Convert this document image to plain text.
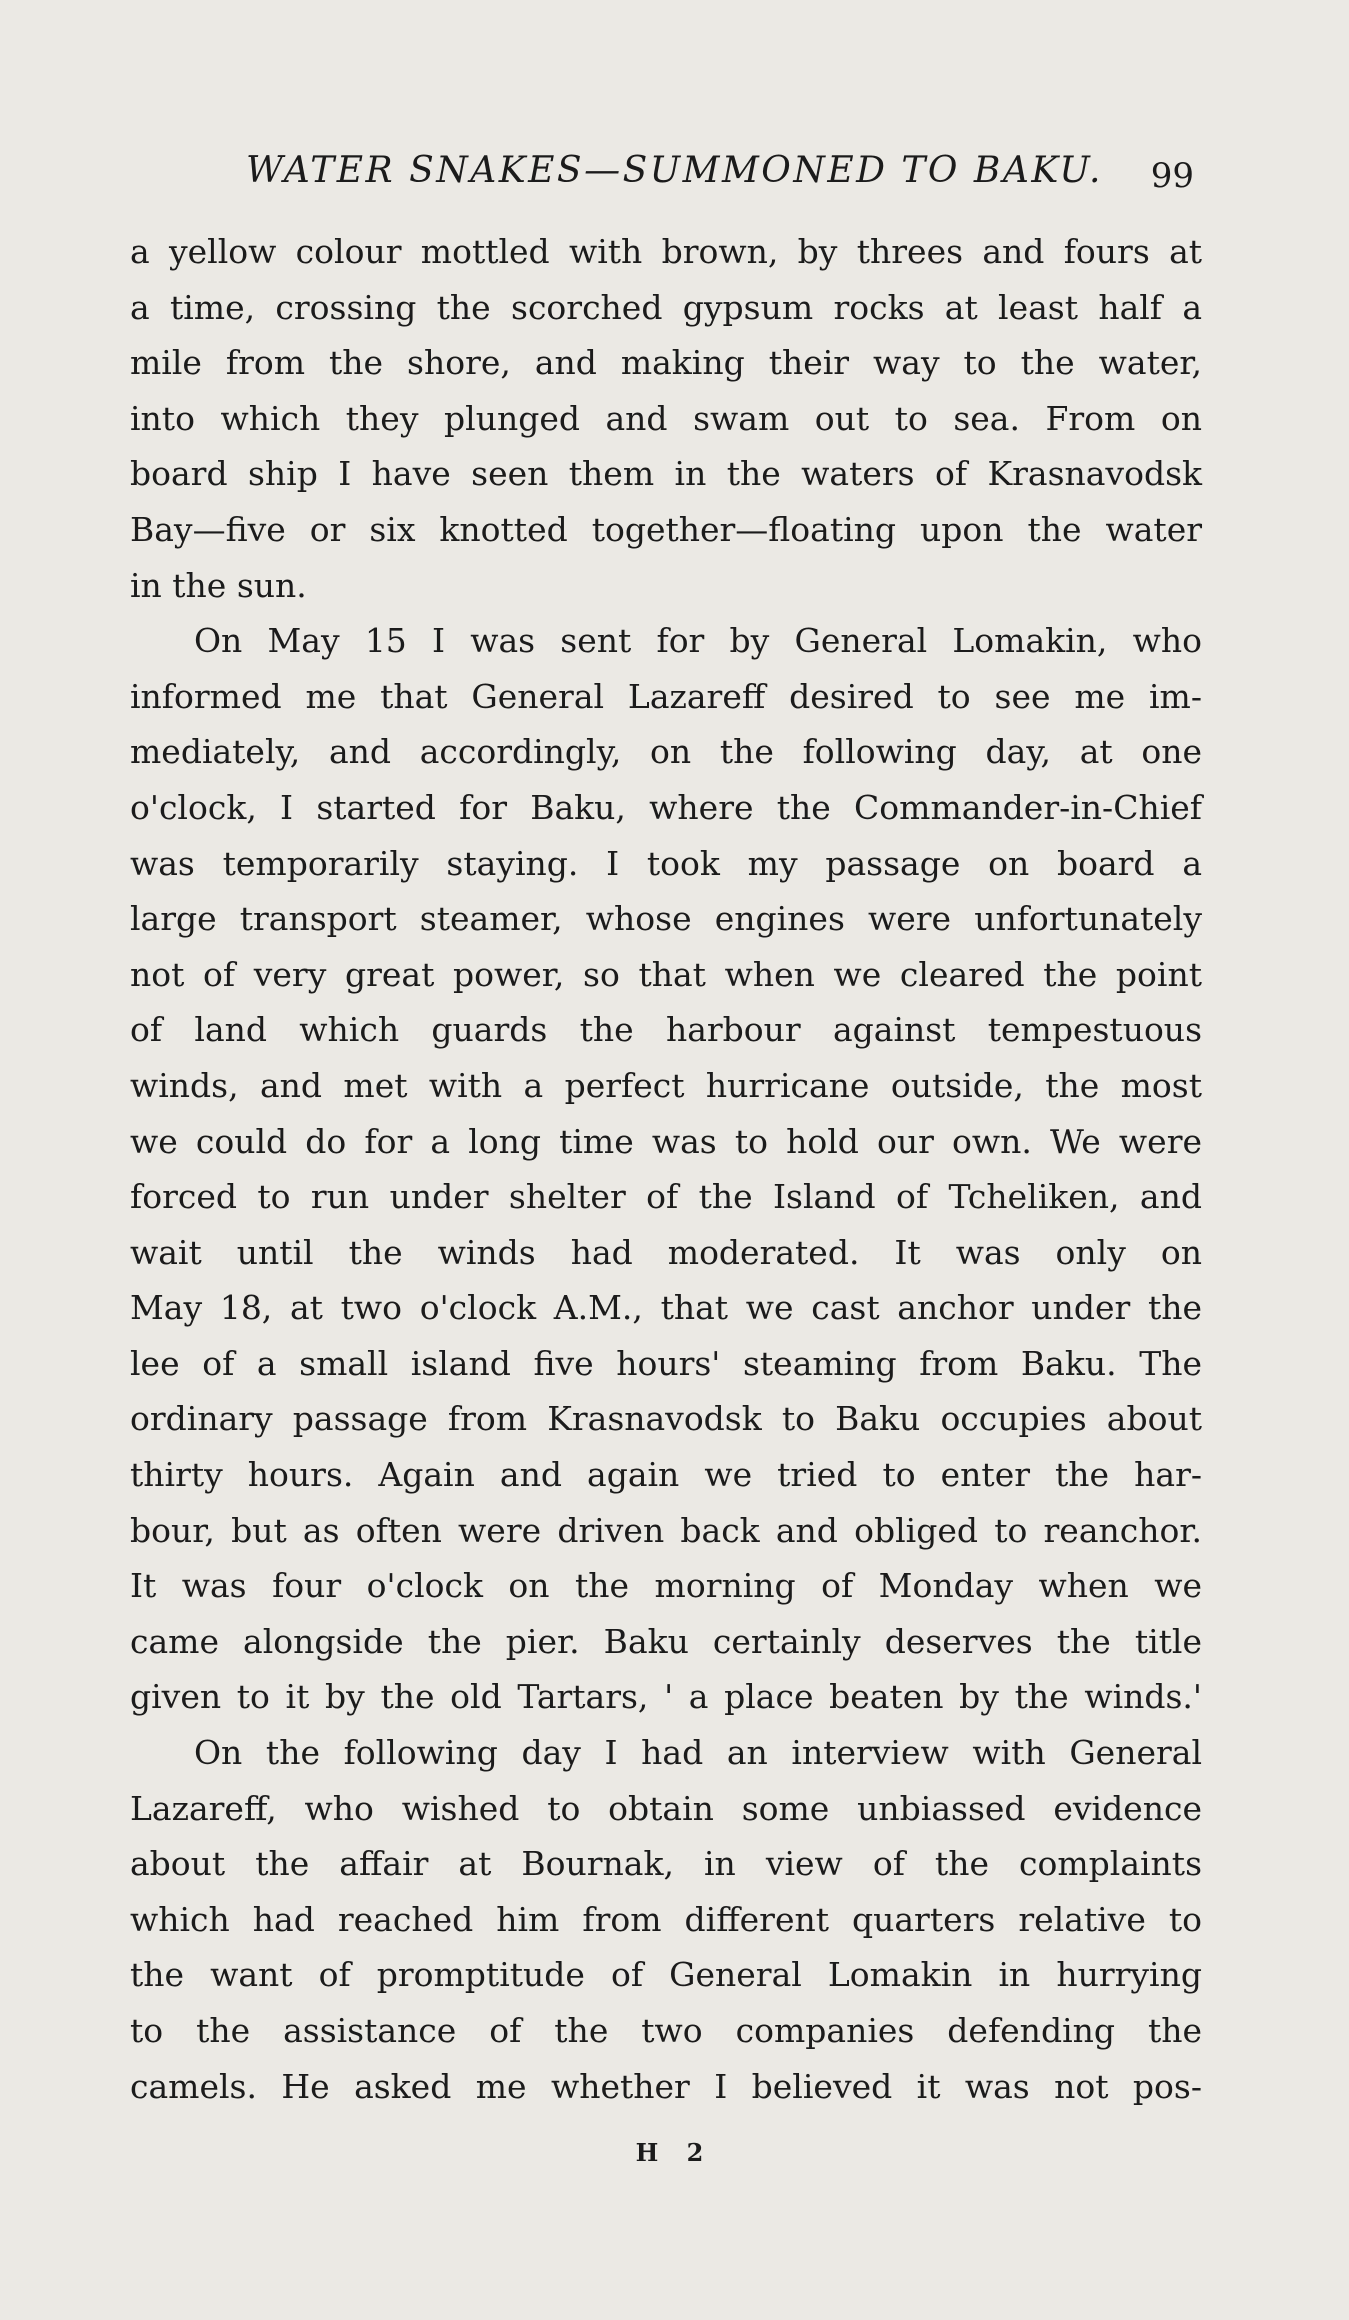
WATER SNAKES—SUMMONED TO BAKU. 99
a yellow colour mottled with brown, by threes and fours at
a time, crossing the scorched gypsum rocks at least half a
mile from the shore, and making their way to the water,
into which they plunged and swam out to sea. From on
board ship I have seen them in the waters of Krasnavodsk
Bay—five or six knotted together—floating upon the water
in the sun.
On May 15 I was sent for by General Lomakin, who
informed me that General Lazareff desired to see me im-
mediately, and accordingly, on the following day, at one
o'clock, I started for Baku, where the Commander-in-Chief
was temporarily staying. I took my passage on board a
large transport steamer, whose engines were unfortunately
not of very great power, so that when we cleared the point
of land which guards the harbour against tempestuous
winds, and met with a perfect hurricane outside, the most
we could do for a long time was to hold our own. We were
forced to run under shelter of the Island of Tcheliken, and
wait until the winds had moderated. It was only on
May 18, at two o'clock A.M., that we cast anchor under the
lee of a small island five hours' steaming from Baku. The
ordinary passage from Krasnavodsk to Baku occupies about
thirty hours. Again and again we tried to enter the har-
bour, but as often were driven back and obliged to reanchor.
It was four o'clock on the morning of Monday when we
came alongside the pier. Baku certainly deserves the title
given to it by the old Tartars, ' a place beaten by the winds.'
On the following day I had an interview with General
Lazareff, who wished to obtain some unbiassed evidence
about the affair at Bournak, in view of the complaints
which had reached him from different quarters relative to
the want of promptitude of General Lomakin in hurrying
to the assistance of the two companies defending the
camels. He asked me whether I believed it was not pos-
H 2
